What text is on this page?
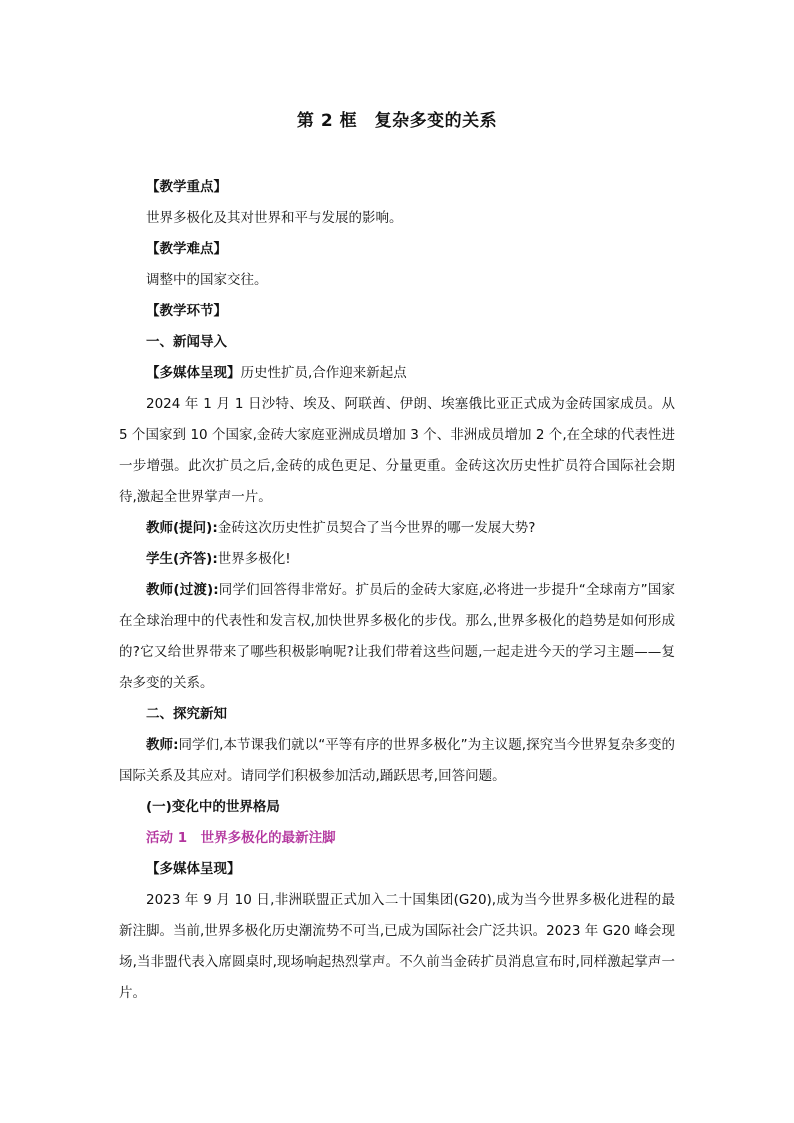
第 2 框　复杂多变的关系

【教学重点】

世界多极化及其对世界和平与发展的影响。

【教学难点】

调整中的国家交往。

【教学环节】

一、新闻导入

【多媒体呈现】历史性扩员,合作迎来新起点

2024 年 1 月 1 日沙特、埃及、阿联酋、伊朗、埃塞俄比亚正式成为金砖国家成员。从 5 个国家到 10 个国家,金砖大家庭亚洲成员增加 3 个、非洲成员增加 2 个,在全球的代表性进一步增强。此次扩员之后,金砖的成色更足、分量更重。金砖这次历史性扩员符合国际社会期待,激起全世界掌声一片。

教师(提问):金砖这次历史性扩员契合了当今世界的哪一发展大势?

学生(齐答):世界多极化!

教师(过渡):同学们回答得非常好。扩员后的金砖大家庭,必将进一步提升“全球南方”国家在全球治理中的代表性和发言权,加快世界多极化的步伐。那么,世界多极化的趋势是如何形成的?它又给世界带来了哪些积极影响呢?让我们带着这些问题,一起走进今天的学习主题——复杂多变的关系。

二、探究新知

教师:同学们,本节课我们就以“平等有序的世界多极化”为主议题,探究当今世界复杂多变的国际关系及其应对。请同学们积极参加活动,踊跃思考,回答问题。

(一)变化中的世界格局

活动 1　世界多极化的最新注脚

【多媒体呈现】

2023 年 9 月 10 日,非洲联盟正式加入二十国集团(G20),成为当今世界多极化进程的最新注脚。当前,世界多极化历史潮流势不可当,已成为国际社会广泛共识。2023 年 G20 峰会现场,当非盟代表入席圆桌时,现场响起热烈掌声。不久前当金砖扩员消息宣布时,同样激起掌声一片。
